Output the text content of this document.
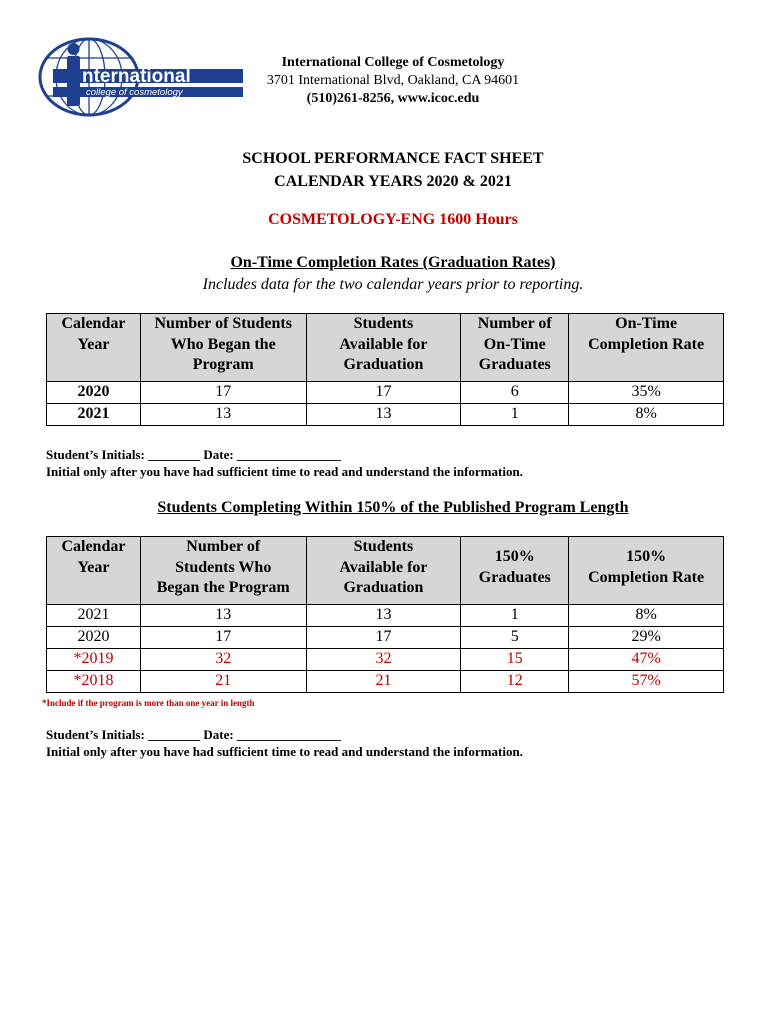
nternational
college of cosmetology
International College of Cosmetology
3701 International Blvd, Oakland, CA 94601
(510)261-8256, www.icoc.edu
SCHOOL PERFORMANCE FACT SHEET
CALENDAR YEARS 2020 & 2021
COSMETOLOGY-ENG 1600 Hours
On-Time Completion Rates (Graduation Rates)
Includes data for the two calendar years prior to reporting.
Calendar
Year	Number of Students
Who Began the
Program	Students
Available for
Graduation	Number of
On-Time
Graduates	On-Time
Completion Rate

2020	17	17	6	35%
2021	13	13	1	8%
Student’s Initials: ________ Date: ________________
Initial only after you have had sufficient time to read and understand the information.
Students Completing Within 150% of the Published Program Length
Calendar
Year	Number of
Students Who
Began the Program	Students
Available for
Graduation	150%
Graduates	150%
Completion Rate

2021	13	13	1	8%
2020	17	17	5	29%
*2019	32	32	15	47%
*2018	21	21	12	57%
*Include if the program is more than one year in length
Student’s Initials: ________ Date: ________________
Initial only after you have had sufficient time to read and understand the information.
